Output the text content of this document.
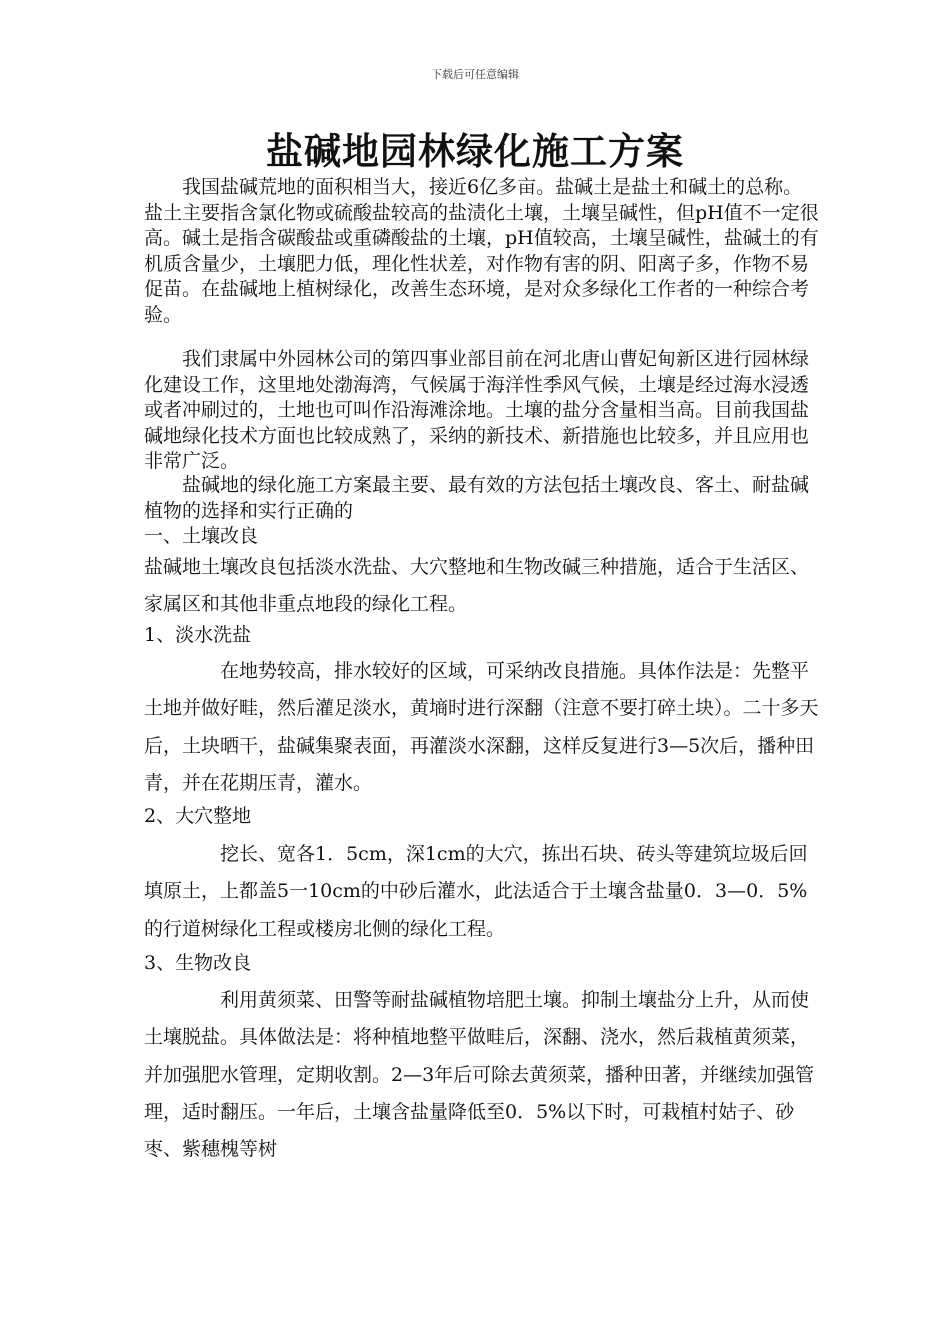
下载后可任意编辑
盐碱地园林绿化施工方案

我国盐碱荒地的面积相当大，接近6亿多亩。盐碱土是盐土和碱土的总称。盐土主要指含氯化物或硫酸盐较高的盐渍化土壤，土壤呈碱性，但pH值不一定很高。碱土是指含碳酸盐或重磷酸盐的土壤，pH值较高，土壤呈碱性，盐碱土的有机质含量少，土壤肥力低，理化性状差，对作物有害的阴、阳离子多，作物不易促苗。在盐碱地上植树绿化，改善生态环境，是对众多绿化工作者的一种综合考验。

我们隶属中外园林公司的第四事业部目前在河北唐山曹妃甸新区进行园林绿化建设工作，这里地处渤海湾，气候属于海洋性季风气候，土壤是经过海水浸透或者冲刷过的，土地也可叫作沿海滩涂地。土壤的盐分含量相当高。目前我国盐碱地绿化技术方面也比较成熟了，采纳的新技术、新措施也比较多，并且应用也非常广泛。

盐碱地的绿化施工方案最主要、最有效的方法包括土壤改良、客土、耐盐碱植物的选择和实行正确的

一、土壤改良

盐碱地土壤改良包括淡水洗盐、大穴整地和生物改碱三种措施，适合于生活区、家属区和其他非重点地段的绿化工程。

1、淡水洗盐

在地势较高，排水较好的区域，可采纳改良措施。具体作法是：先整平土地并做好畦，然后灌足淡水，黄墒时进行深翻（注意不要打碎土块）。二十多天后，土块晒干，盐碱集聚表面，再灌淡水深翻，这样反复进行3—5次后，播种田青，并在花期压青，灌水。

2、大穴整地

挖长、宽各1．5cm，深1cm的大穴，拣出石块、砖头等建筑垃圾后回填原土，上都盖5一10cm的中砂后灌水，此法适合于土壤含盐量0．3—0．5%的行道树绿化工程或楼房北侧的绿化工程。

3、生物改良

利用黄须菜、田警等耐盐碱植物培肥土壤。抑制土壤盐分上升，从而使土壤脱盐。具体做法是：将种植地整平做畦后，深翻、浇水，然后栽植黄须菜，并加强肥水管理，定期收割。2—3年后可除去黄须菜，播种田著，并继续加强管理，适时翻压。一年后，土壤含盐量降低至0．5%以下时，可栽植村姑子、砂枣、紫穗槐等树
